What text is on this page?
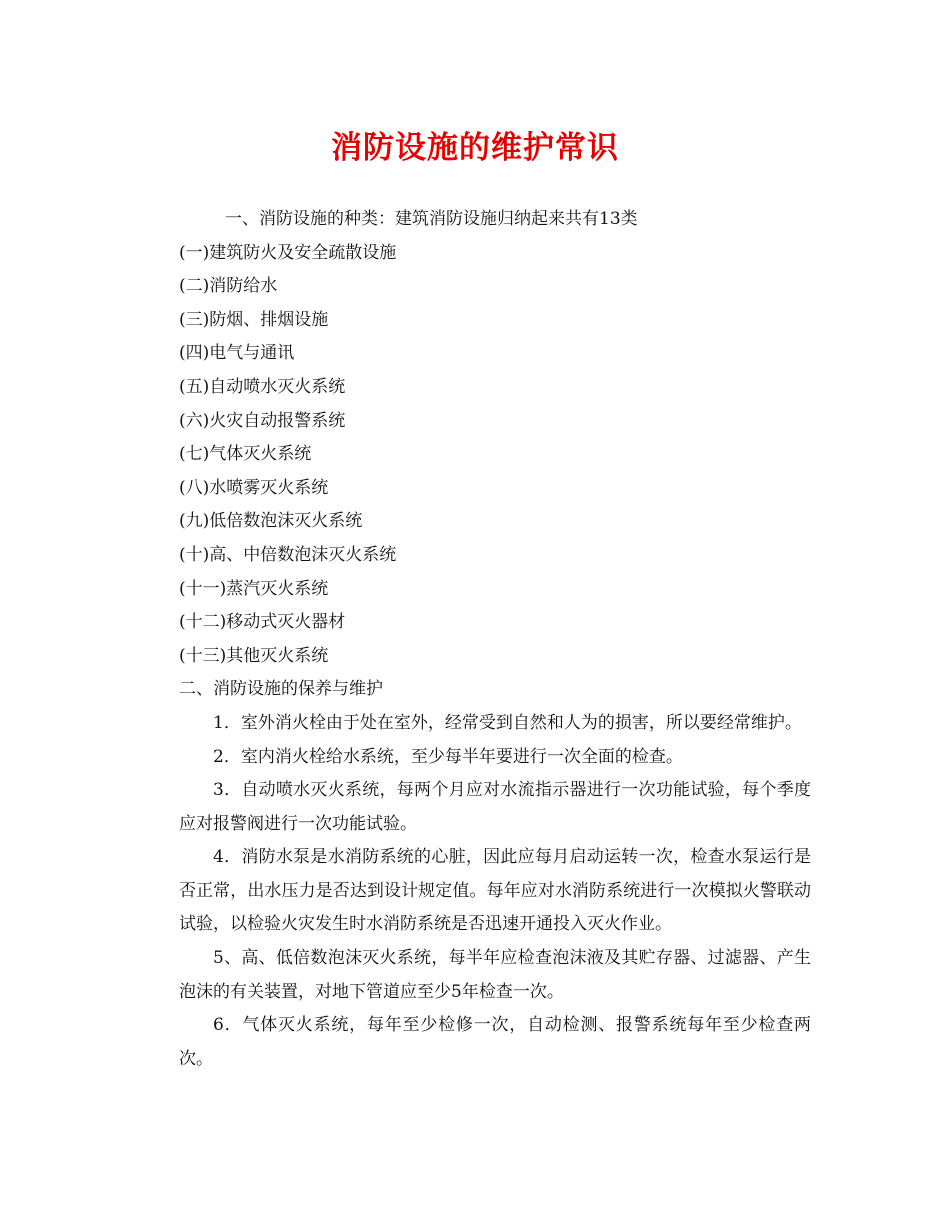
消防设施的维护常识
一、消防设施的种类：建筑消防设施归纳起来共有13类
(一)建筑防火及安全疏散设施
(二)消防给水
(三)防烟、排烟设施
(四)电气与通讯
(五)自动喷水灭火系统
(六)火灾自动报警系统
(七)气体灭火系统
(八)水喷雾灭火系统
(九)低倍数泡沫灭火系统
(十)高、中倍数泡沫灭火系统
(十一)蒸汽灭火系统
(十二)移动式灭火器材
(十三)其他灭火系统
二、消防设施的保养与维护
1．室外消火栓由于处在室外，经常受到自然和人为的损害，所以要经常维护。
2．室内消火栓给水系统，至少每半年要进行一次全面的检查。
3．自动喷水灭火系统，每两个月应对水流指示器进行一次功能试验，每个季度应对报警阀进行一次功能试验。
4．消防水泵是水消防系统的心脏，因此应每月启动运转一次，检查水泵运行是否正常，出水压力是否达到设计规定值。每年应对水消防系统进行一次模拟火警联动试验，以检验火灾发生时水消防系统是否迅速开通投入灭火作业。
5、高、低倍数泡沫灭火系统，每半年应检查泡沫液及其贮存器、过滤器、产生泡沫的有关装置，对地下管道应至少5年检查一次。
6．气体灭火系统，每年至少检修一次，自动检测、报警系统每年至少检查两次。
